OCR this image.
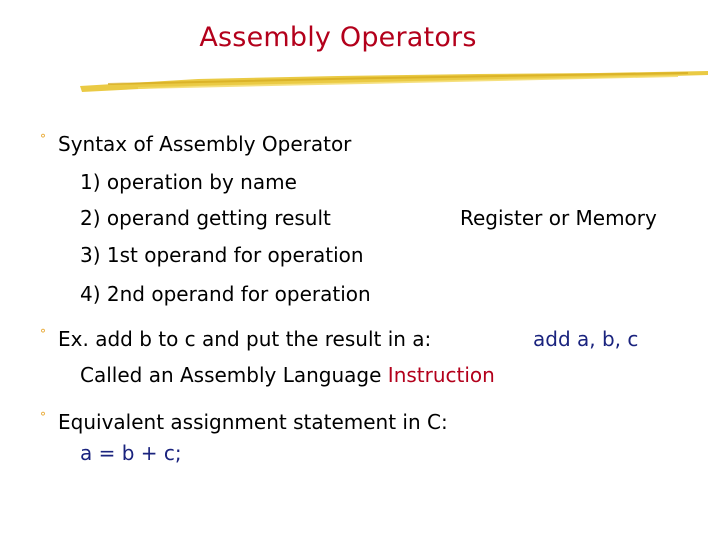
Assembly Operators
° Syntax of Assembly Operator
1) operation by name
2) operand getting result	Register or Memory
3) 1st operand for operation
4) 2nd operand for operation
° Ex. add b to c and put the result in a:	add a, b, c
Called an Assembly Language Instruction
° Equivalent assignment statement in C:
a = b + c;
